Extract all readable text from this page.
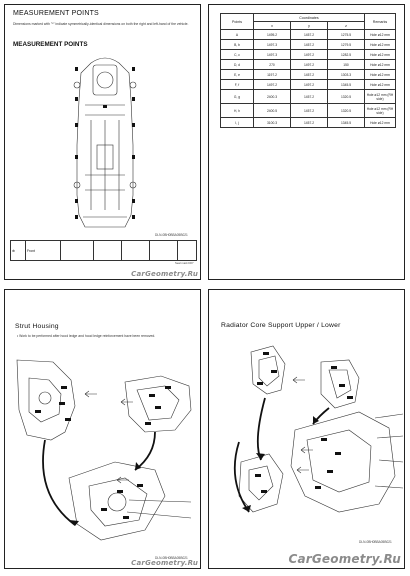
MEASUREMENT POINTS
Dimensions marked with "*" indicate symmetrically-identical dimensions on both the right and left-hand of the vehicle.
MEASUREMENT POINTS
DLN-0BH0BBA05B021
⊕	Front					
Seal mark D07
CarGeometry.Ru
Points	Coordinates			Remarks
	x	y	z	
A	1495.2	1457.2	1275.5	Hole ø12 mm
B, b	1497.3	1457.2	1279.5	Hole ø12 mm
C, c	1497.3	1497.2	1282.5	Hole ø12 mm
D, d	270	1497.2	150	Hole ø12 mm
E, e	1197.2	1457.2	1303.3	Hole ø12 mm
F, f	1497.2	1497.2	1345.5	Hole ø12 mm
G, g	2400.3	1457.2	1320.5	Hole ø12 mm (RH side)
H, h	2400.5	1457.2	1320.5	Hole ø12 mm (RH side)
I, j	3100.3	1457.2	1345.5	Hole ø12 mm
Strut Housing
• Work to be performed after hood ledge and hood ledge reinforcement have been removed.
DLN-0BH0BBA05B021
CarGeometry.Ru
Radiator Core Support Upper / Lower
DLN-0BH0BBA05B021
CarGeometry.Ru
